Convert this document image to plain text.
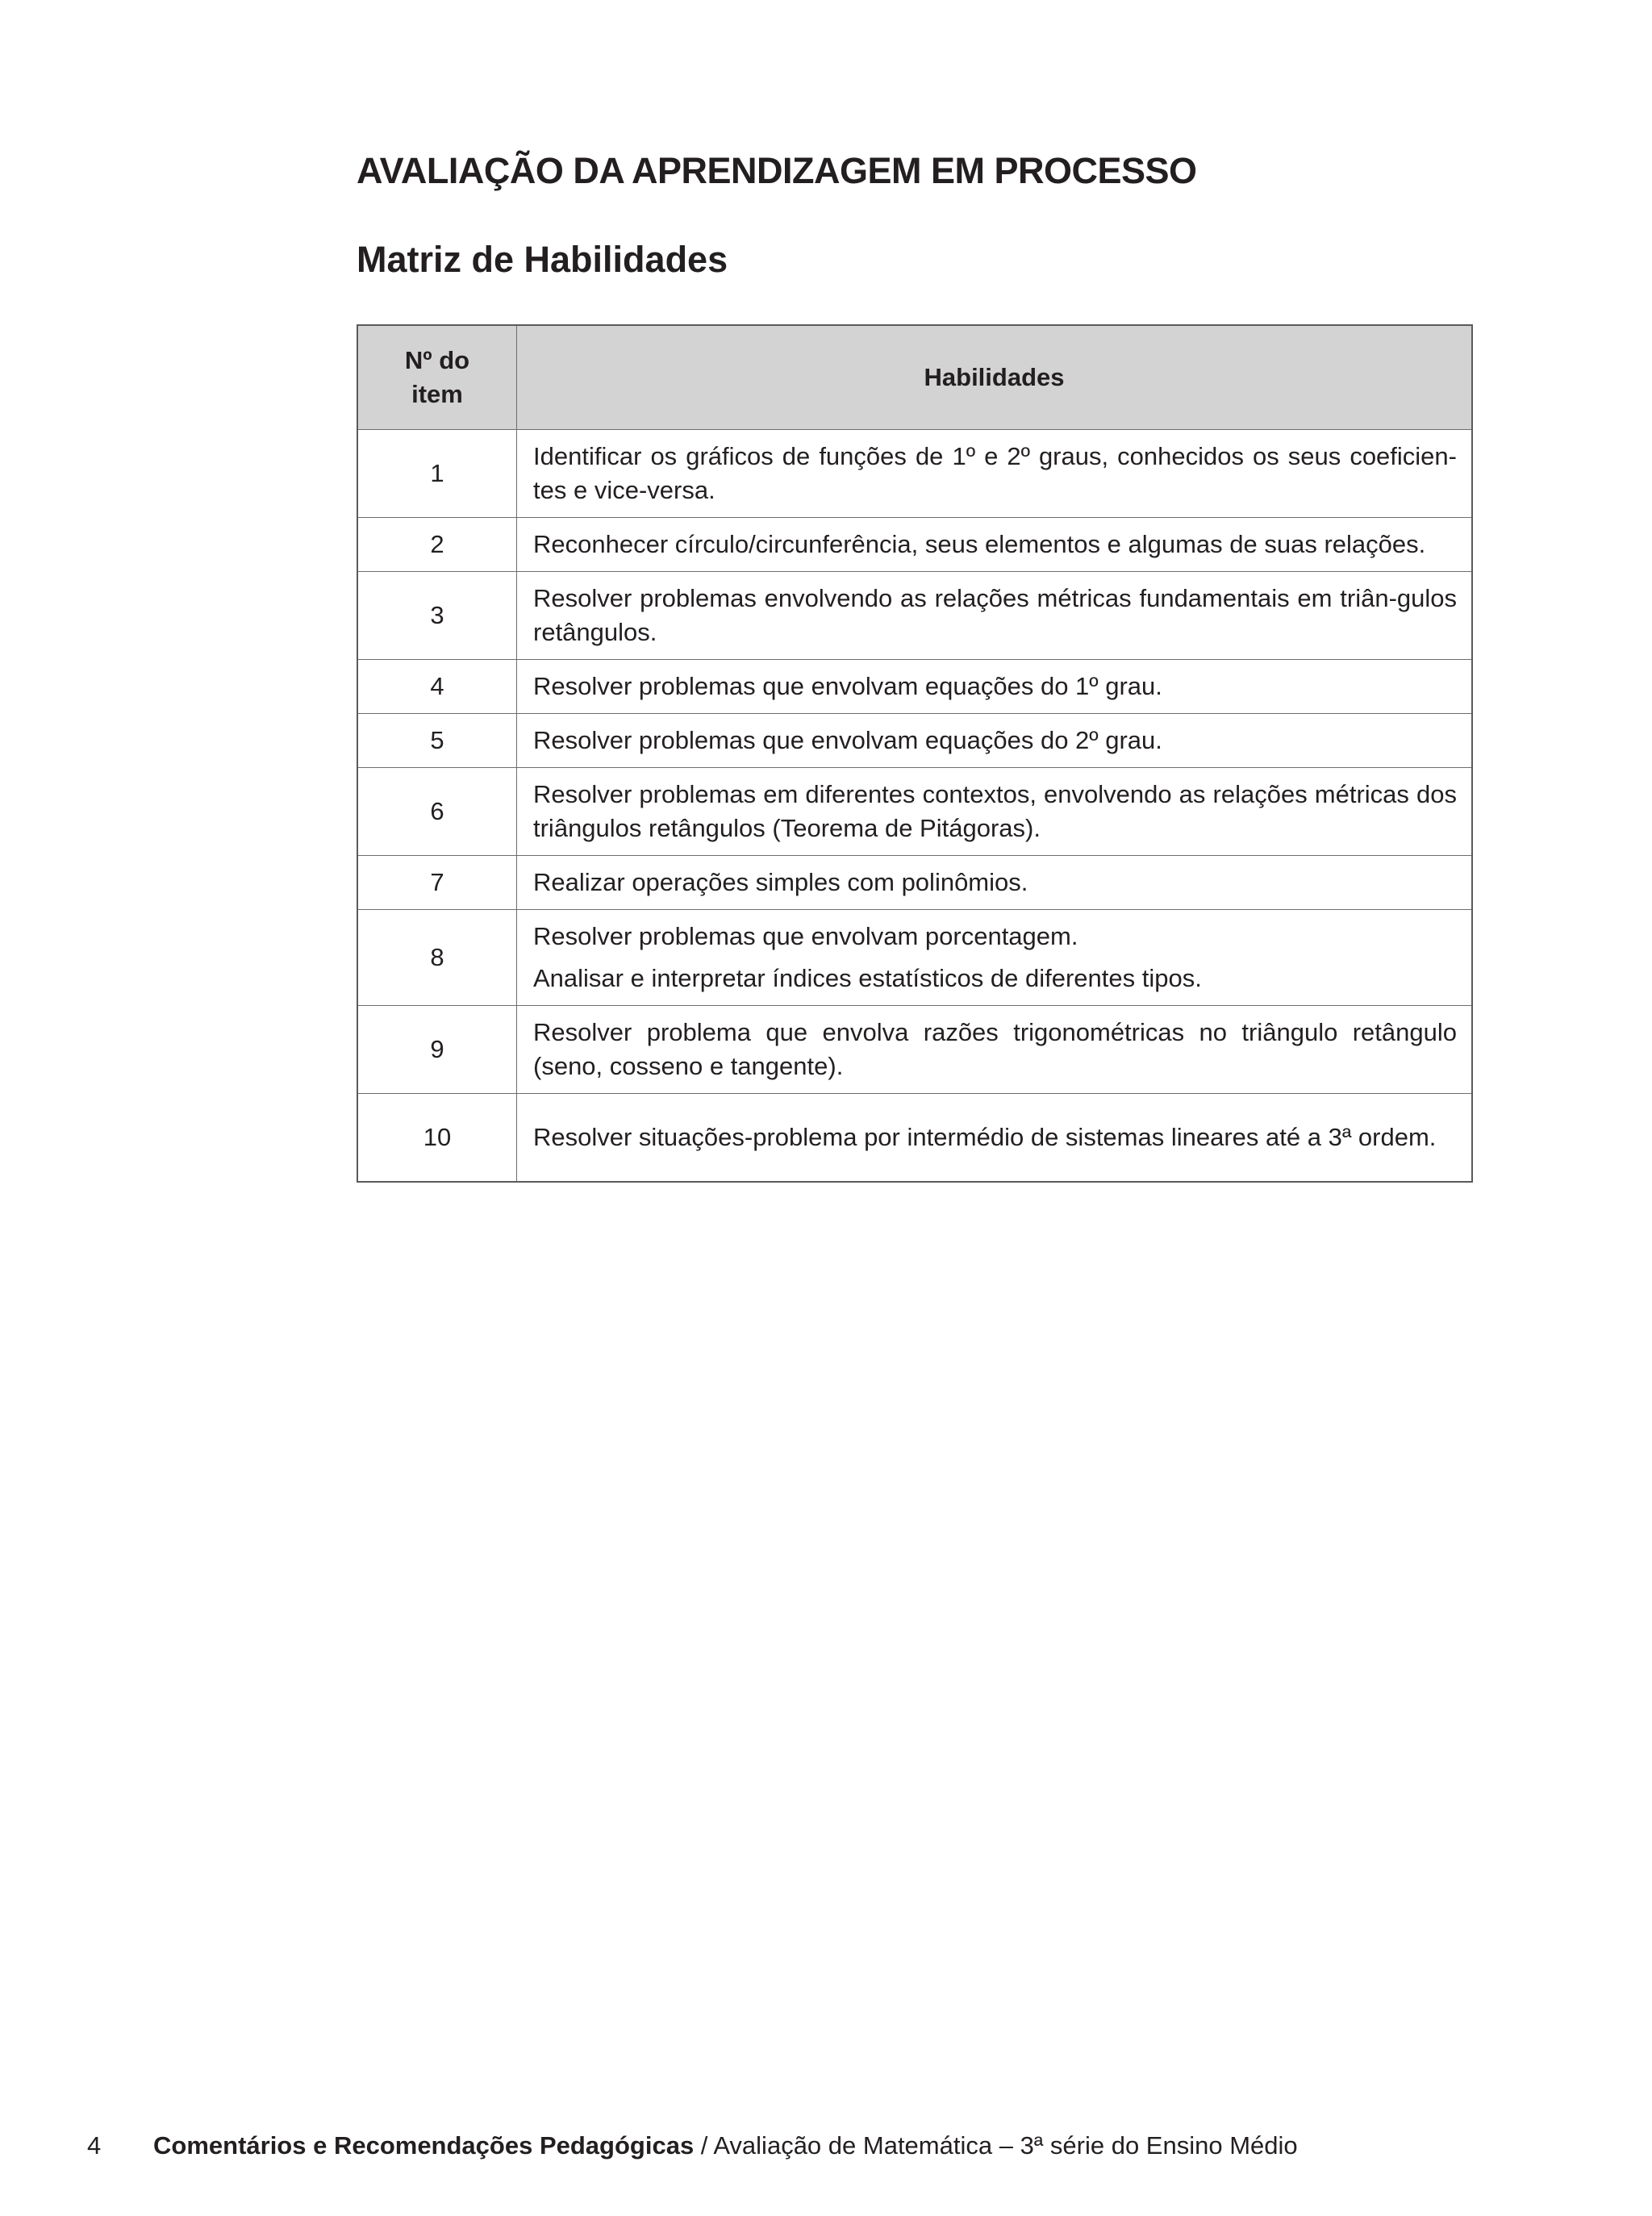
AVALIAÇÃO DA APRENDIZAGEM EM PROCESSO
Matriz de Habilidades
Nº do
item	Habilidades
1	Identificar os gráficos de funções de 1º e 2º graus, conhecidos os seus coeficien-tes e vice-versa.

2	Reconhecer círculo/circunferência, seus elementos e algumas de suas relações.

3	Resolver problemas envolvendo as relações métricas fundamentais em triân-gulos retângulos.

4	Resolver problemas que envolvam equações do 1º grau.

5	Resolver problemas que envolvam equações do 2º grau.

6	Resolver problemas em diferentes contextos, envolvendo as relações métricas dos triângulos retângulos (Teorema de Pitágoras).

7	Realizar operações simples com polinômios.

8	Resolver problemas que envolvam porcentagem.

Analisar e interpretar índices estatísticos de diferentes tipos.

9	Resolver problema que envolva razões trigonométricas no triângulo retângulo (seno, cosseno e tangente).

10	Resolver situações-problema por intermédio de sistemas lineares até a 3ª ordem.

4 Comentários e Recomendações Pedagógicas / Avaliação de Matemática – 3ª série do Ensino Médio
